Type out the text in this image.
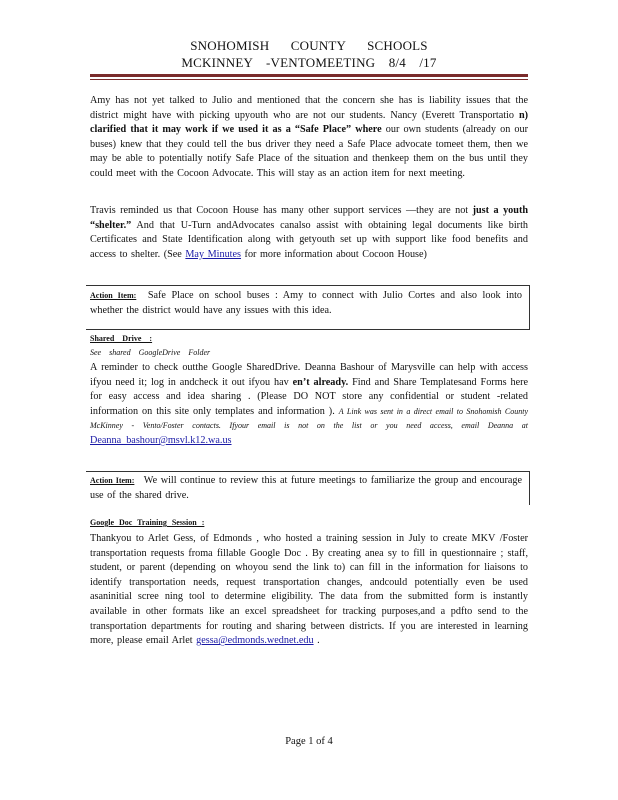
SNOHOMISH COUNTY SCHOOLS
MCKINNEY -VENTOMEETING 8/4 /17
Amy has not yet talked to Julio and mentioned that the concern she has is liability issues that the district might have with picking upyouth who are not our students. Nancy (Everett Transportatio n) clarified that it may work if we used it as a “Safe Place” where our own students (already on our buses) knew that they could tell the bus driver they need a Safe Place advocate tomeet them, then we may be able to potentially notify Safe Place of the situation and thenkeep them on the bus until they could meet with the Cocoon Advocate. This will stay as an action item for next meeting.
Travis reminded us that Cocoon House has many other support services —they are not just a youth “shelter.” And that U-Turn andAdvocates canalso assist with obtaining legal documents like birth Certificates and State Identification along with getyouth set up with support like food benefits and access to shelter. (See May Minutes for more information about Cocoon House)
Action Item: Safe Place on school buses : Amy to connect with Julio Cortes and also look into whether the district would have any issues with this idea.
Shared Drive :
See shared GoogleDrive Folder
A reminder to check outthe Google SharedDrive. Deanna Bashour of Marysville can help with access ifyou need it; log in andcheck it out ifyou hav en’t already. Find and Share Templatesand Forms here for easy access and idea sharing . (Please DO NOT store any confidential or student -related information on this site only templates and information ). A Link was sent in a direct email to Snohomish County McKinney - Vento/Foster contacts. Ifyour email is not on the list or you need access, email Deanna at Deanna_bashour@msvl.k12.wa.us
Action Item: We will continue to review this at future meetings to familiarize the group and encourage use of the shared drive.
Google Doc Training Session :
Thankyou to Arlet Gess, of Edmonds , who hosted a training session in July to create MKV /Foster transportation requests froma fillable Google Doc . By creating anea sy to fill in questionnaire ; staff, student, or parent (depending on whoyou send the link to) can fill in the information for liaisons to identify transportation needs, request transportation changes, andcould potentially even be used asaninitial scree ning tool to determine eligibility. The data from the submitted form is instantly available in other formats like an excel spreadsheet for tracking purposes,and a pdfto send to the transportation departments for routing and sharing between districts. If you are interested in learning more, please email Arlet gessa@edmonds.wednet.edu .
Page 1 of 4
